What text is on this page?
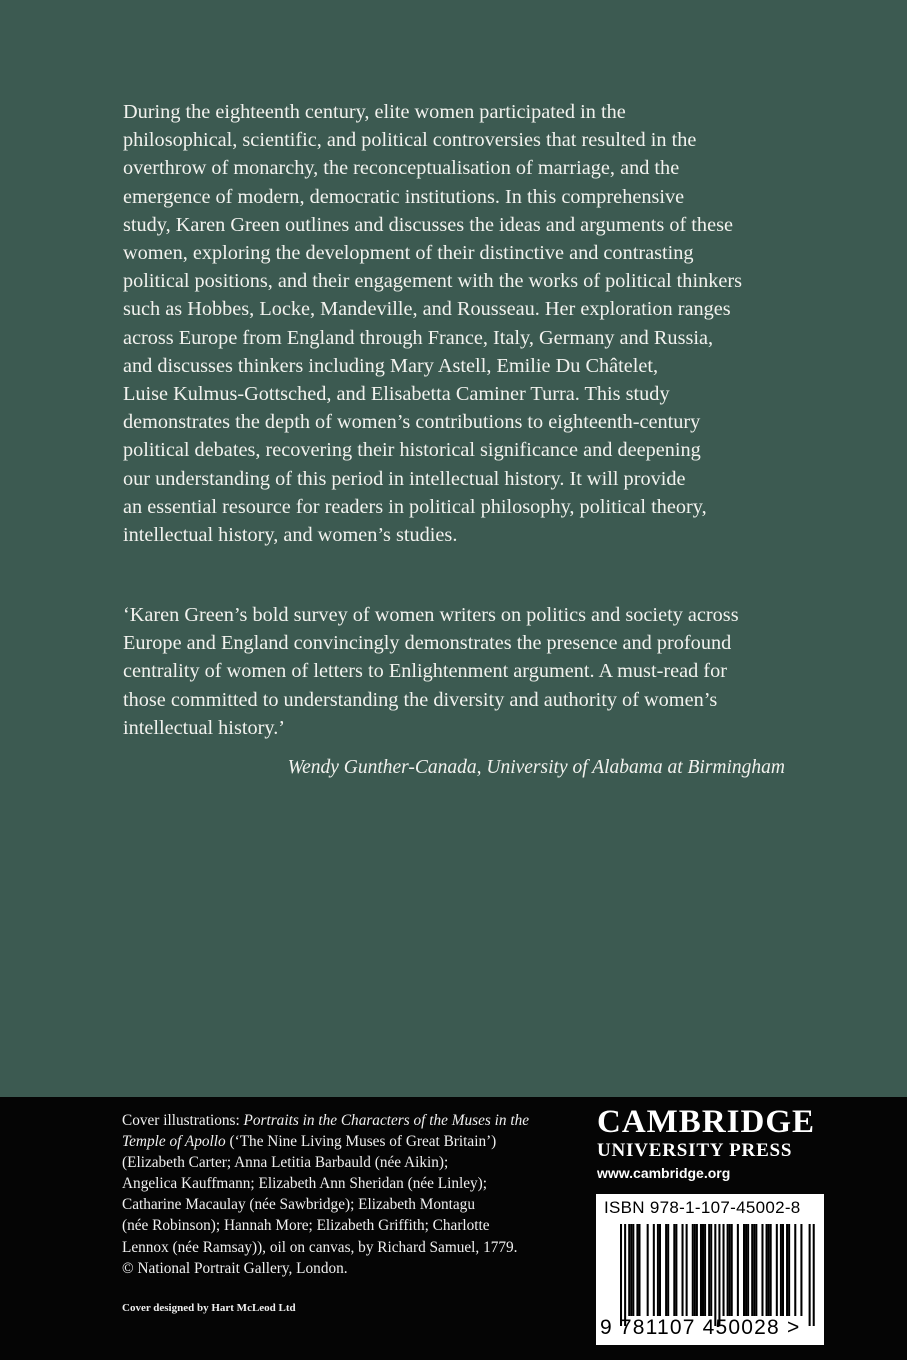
During the eighteenth century, elite women participated in the
philosophical, scientific, and political controversies that resulted in the
overthrow of monarchy, the reconceptualisation of marriage, and the
emergence of modern, democratic institutions. In this comprehensive
study, Karen Green outlines and discusses the ideas and arguments of these
women, exploring the development of their distinctive and contrasting
political positions, and their engagement with the works of political thinkers
such as Hobbes, Locke, Mandeville, and Rousseau. Her exploration ranges
across Europe from England through France, Italy, Germany and Russia,
and discusses thinkers including Mary Astell, Emilie Du Châtelet,
Luise Kulmus-Gottsched, and Elisabetta Caminer Turra. This study
demonstrates the depth of women’s contributions to eighteenth-century
political debates, recovering their historical significance and deepening
our understanding of this period in intellectual history. It will provide
an essential resource for readers in political philosophy, political theory,
intellectual history, and women’s studies.
‘Karen Green’s bold survey of women writers on politics and society across
Europe and England convincingly demonstrates the presence and profound
centrality of women of letters to Enlightenment argument. A must-read for
those committed to understanding the diversity and authority of women’s
intellectual history.’
Wendy Gunther-Canada, University of Alabama at Birmingham
Cover illustrations: Portraits in the Characters of the Muses in the
Temple of Apollo (‘The Nine Living Muses of Great Britain’)
(Elizabeth Carter; Anna Letitia Barbauld (née Aikin);
Angelica Kauffmann; Elizabeth Ann Sheridan (née Linley);
Catharine Macaulay (née Sawbridge); Elizabeth Montagu
(née Robinson); Hannah More; Elizabeth Griffith; Charlotte
Lennox (née Ramsay)), oil on canvas, by Richard Samuel, 1779.
© National Portrait Gallery, London.
Cover designed by Hart McLeod Ltd
CAMBRIDGE
UNIVERSITY PRESS
www.cambridge.org
ISBN 978-1-107-45002-8
9 781107 450028 >
